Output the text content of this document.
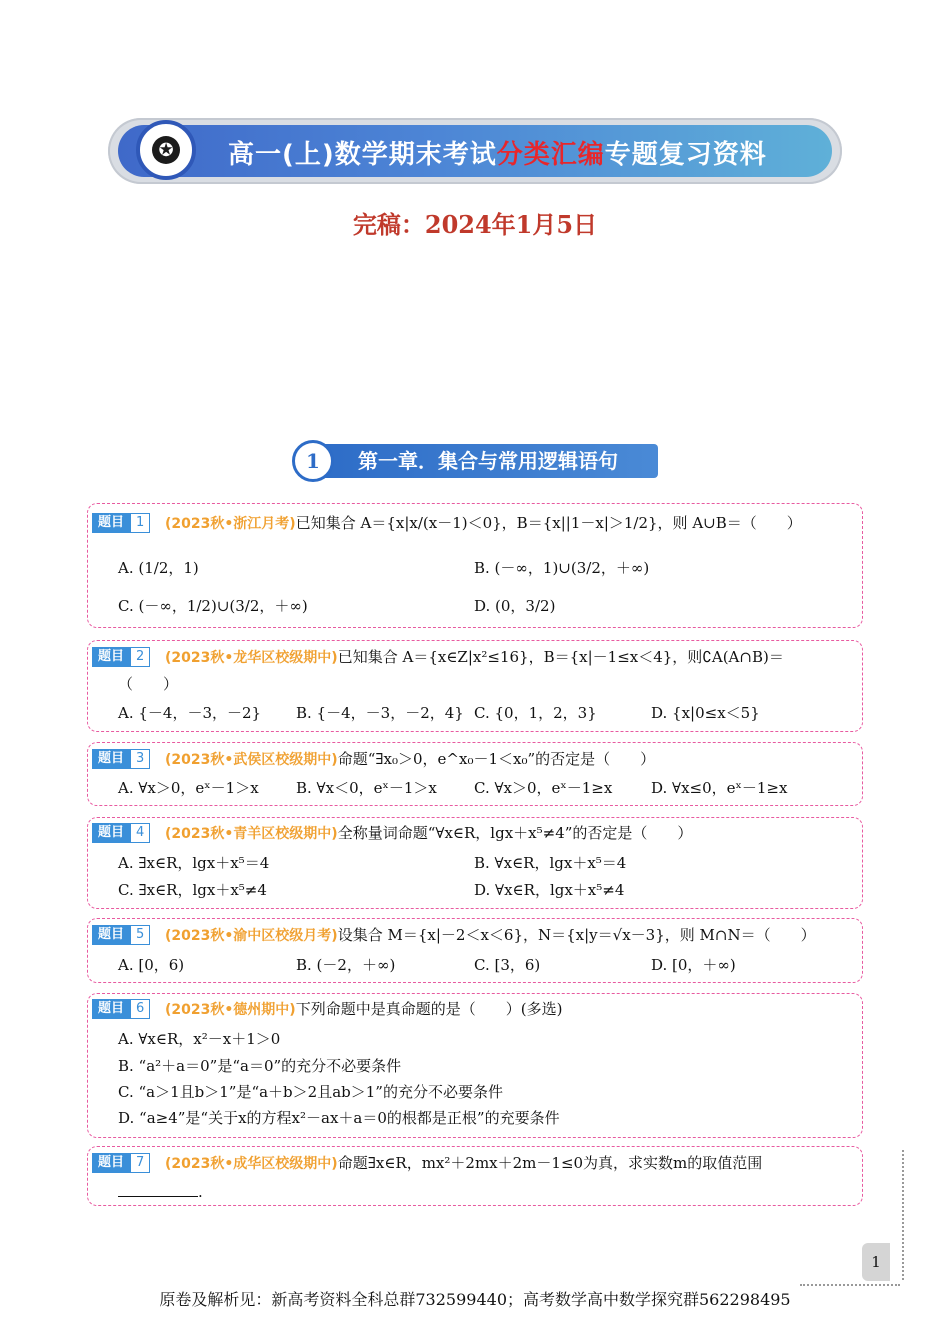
✪ 高一(上)数学期末考试分类汇编专题复习资料
完稿：2024年1月5日
第一章．集合与常用逻辑语句
1
题目 1	(2023秋•浙江月考)已知集合 A＝{x|x/(x－1)＜0}，B＝{x||1－x|＞1/2}，则 A∪B＝（　　）
A. (1/2，1)	B. (－∞，1)∪(3/2，＋∞)
C. (－∞，1/2)∪(3/2，＋∞)	D. (0，3/2)
题目 2	(2023秋•龙华区校级期中)已知集合 A＝{x∈Z|x²≤16}，B＝{x|－1≤x＜4}，则∁A(A∩B)＝
（　　）
A. {－4，－3，－2} B. {－4，－3，－2，4} C. {0，1，2，3}	D. {x|0≤x＜5}
题目 3	(2023秋•武侯区校级期中)命题“∃x₀＞0，e^x₀－1＜x₀”的否定是（　　）
A. ∀x＞0，eˣ－1＞x B. ∀x＜0，eˣ－1＞x C. ∀x＞0，eˣ－1≥x	D. ∀x≤0，eˣ－1≥x
题目 4	(2023秋•青羊区校级期中)全称量词命题“∀x∈R，lgx＋x⁵≠4”的否定是（　　）
A. ∃x∈R，lgx＋x⁵＝4	B. ∀x∈R，lgx＋x⁵＝4
C. ∃x∈R，lgx＋x⁵≠4	D. ∀x∈R，lgx＋x⁵≠4
题目 5	(2023秋•渝中区校级月考)设集合 M＝{x|－2＜x＜6}，N＝{x|y＝√x－3}，则 M∩N＝（　　）
A. [0，6)	B. (－2，＋∞)	C. [3，6)	D. [0，＋∞)
题目 6	(2023秋•德州期中)下列命题中是真命题的是（　　）(多选)
A. ∀x∈R，x²－x＋1＞0
B. “a²＋a＝0”是“a＝0”的充分不必要条件
C. “a＞1且b＞1”是“a＋b＞2且ab＞1”的充分不必要条件
D. “a≥4”是“关于x的方程x²－ax＋a＝0的根都是正根”的充要条件
题目 7	(2023秋•成华区校级期中)命题∃x∈R，mx²＋2mx＋2m－1≤0为真，求实数m的取值范围
.
1
原卷及解析见：新高考资料全科总群732599440；高考数学高中数学探究群562298495
